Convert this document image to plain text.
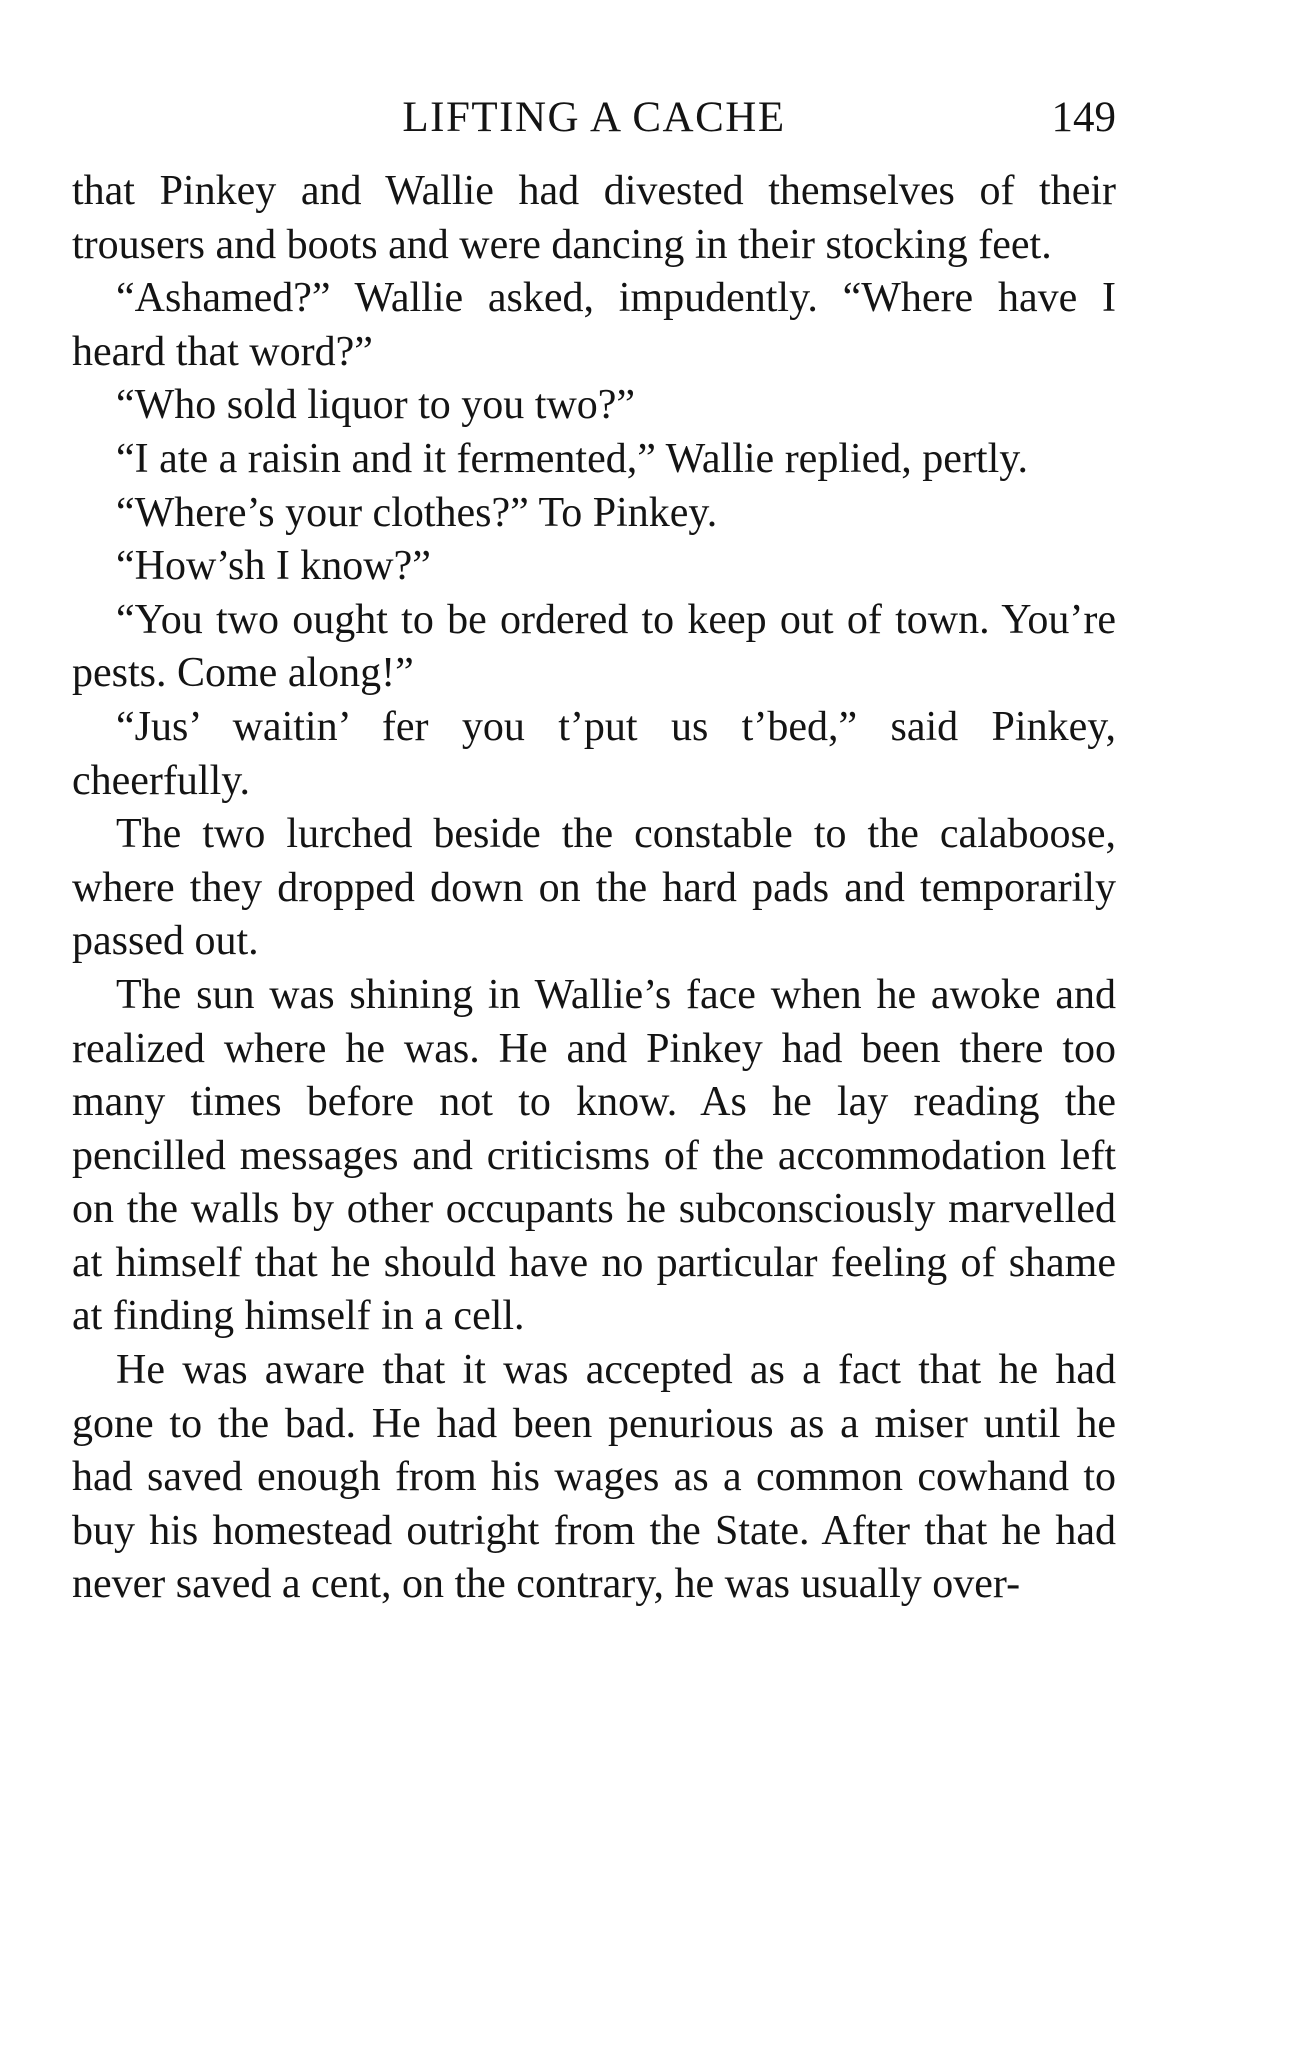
LIFTING A CACHE	149

that Pinkey and Wallie had divested themselves of their trousers and boots and were dancing in their stocking feet.

“Ashamed?” Wallie asked, impudently. “Where have I heard that word?”

“Who sold liquor to you two?”

“I ate a raisin and it fermented,” Wallie replied, pertly.

“Where’s your clothes?” To Pinkey.

“How’sh I know?”

“You two ought to be ordered to keep out of town. You’re pests. Come along!”

“Jus’ waitin’ fer you t’put us t’bed,” said Pinkey, cheerfully.

The two lurched beside the constable to the calaboose, where they dropped down on the hard pads and temporarily passed out.

The sun was shining in Wallie’s face when he awoke and realized where he was. He and Pinkey had been there too many times before not to know. As he lay reading the pencilled messages and criticisms of the accommodation left on the walls by other occupants he subconsciously marvelled at himself that he should have no particular feeling of shame at finding himself in a cell.

He was aware that it was accepted as a fact that he had gone to the bad. He had been penurious as a miser until he had saved enough from his wages as a common cowhand to buy his homestead outright from the State. After that he had never saved a cent, on the contrary, he was usually over-
